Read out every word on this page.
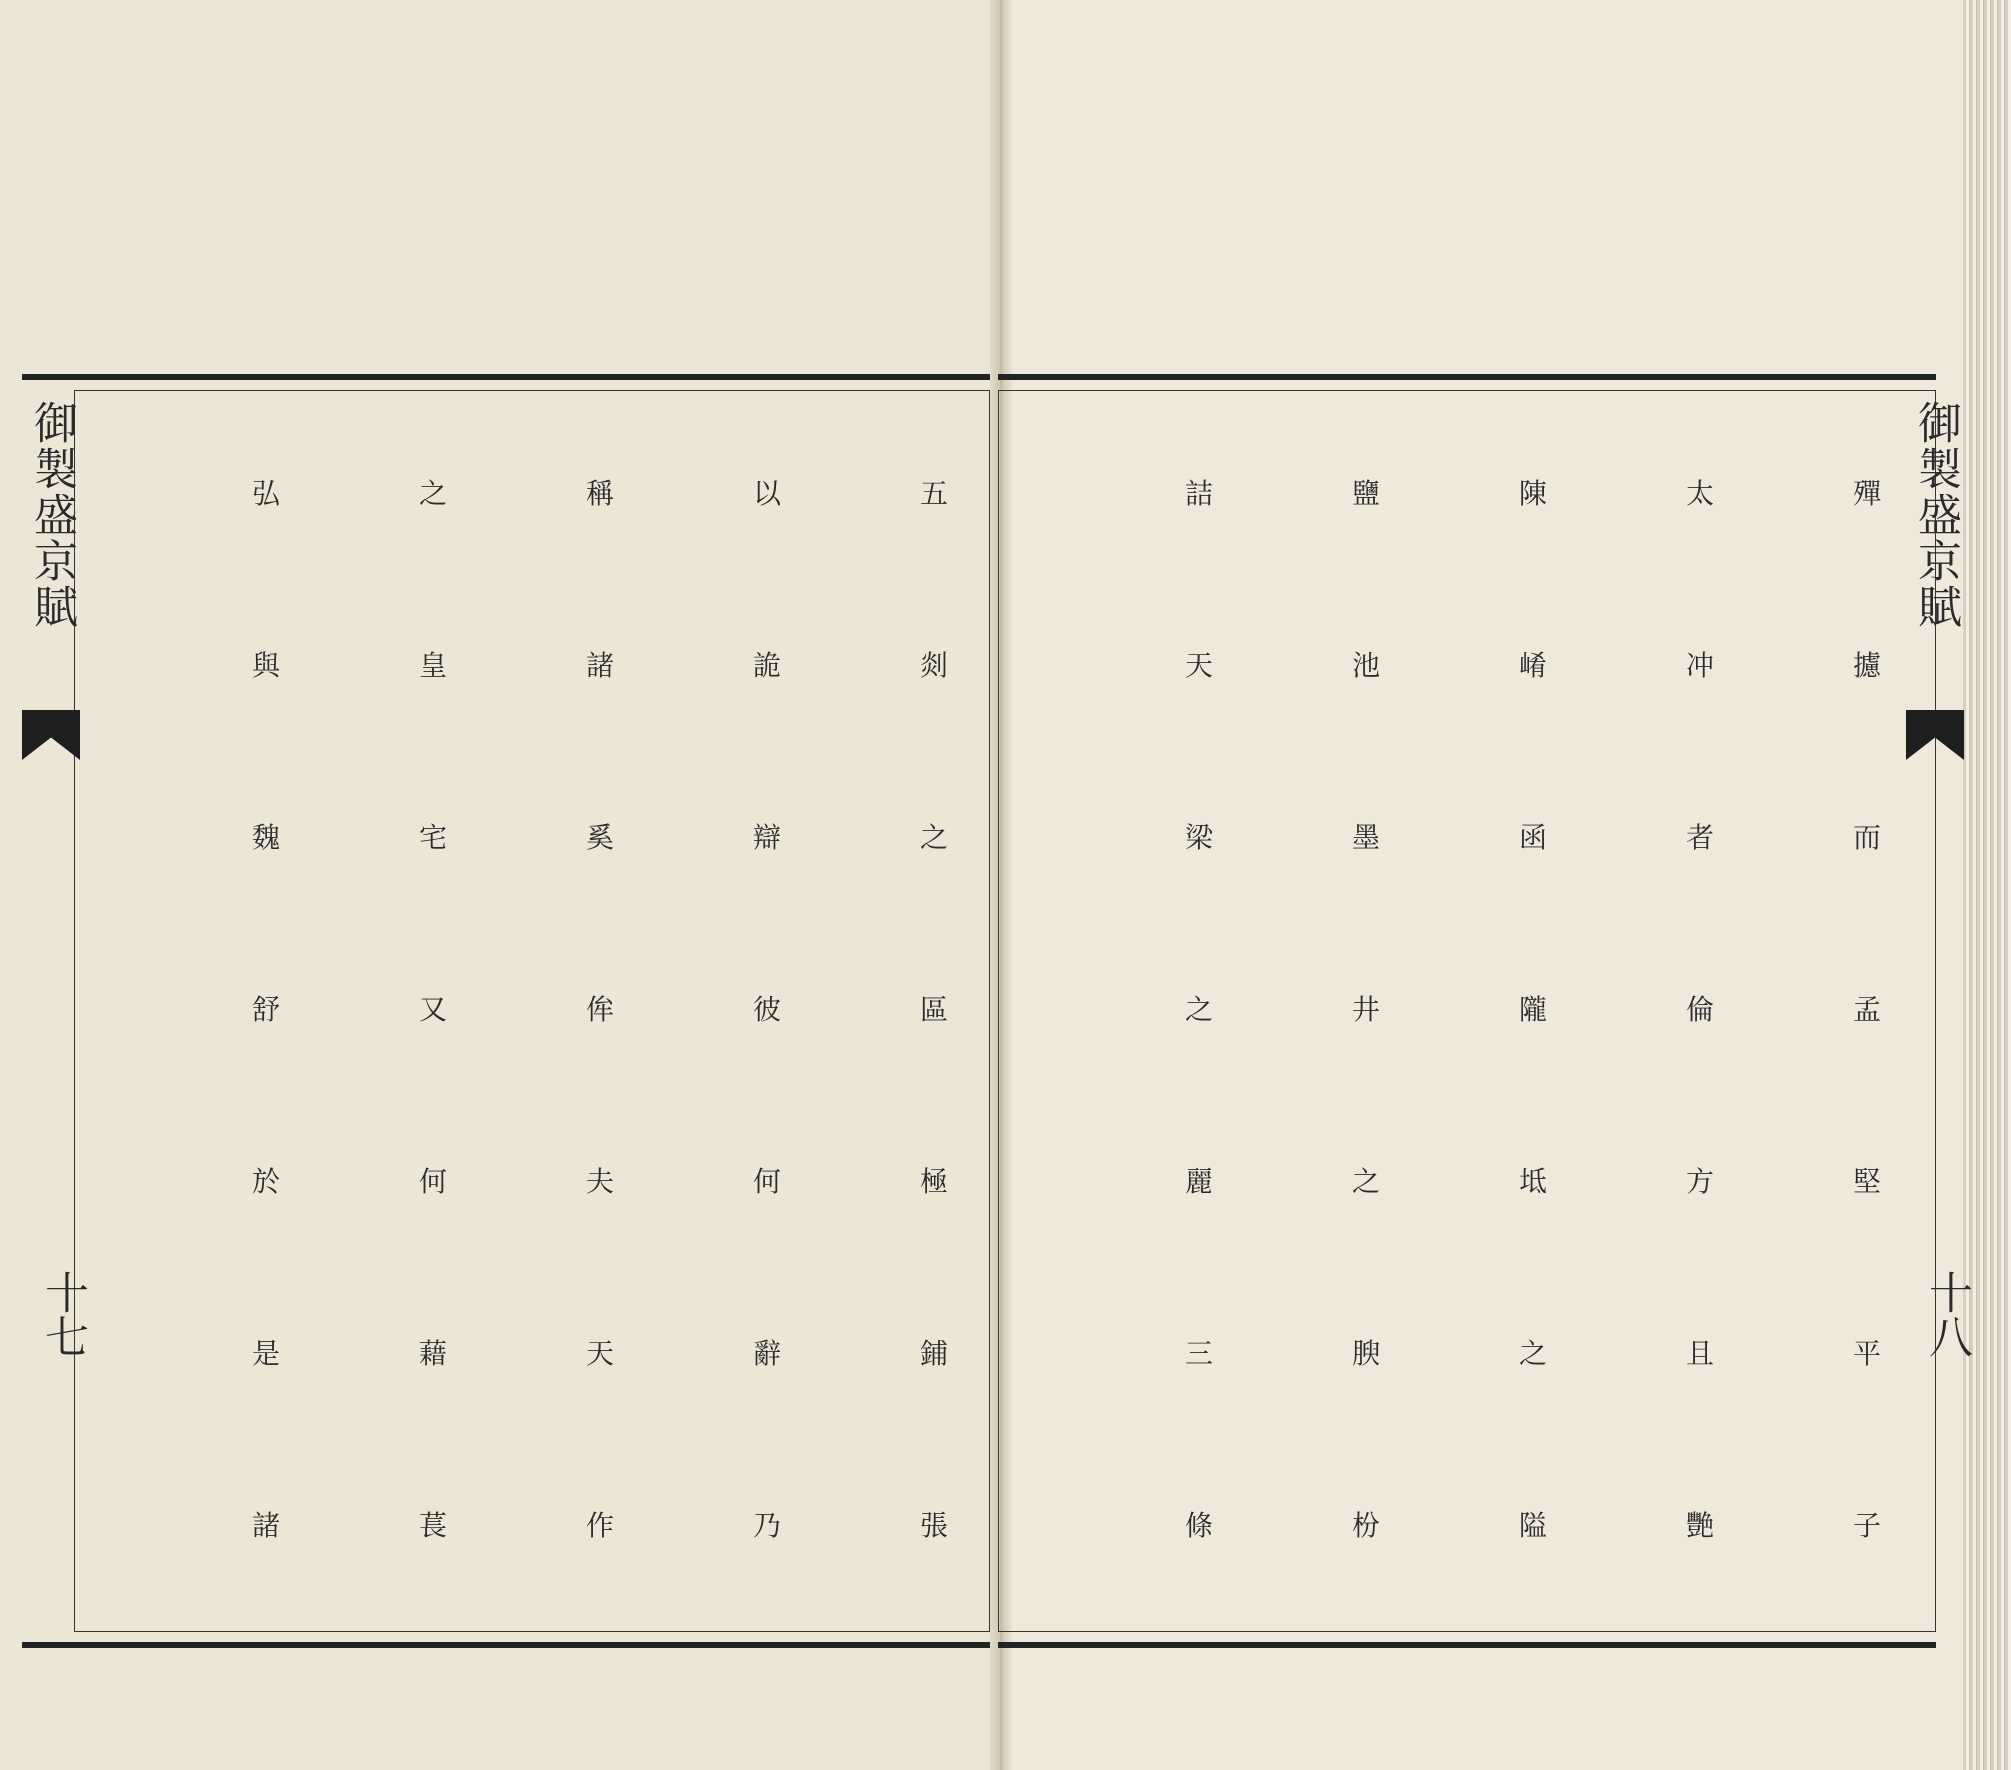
御製盛京賦
十七
御製盛京賦
十八
五
剡
之
區
極
鋪
張
以
詭
辯
彼
何
辭
乃
稱
諸
奚
侔
夫
天
作
之
皇
宅
又
何
藉
萇
弘
與
魏
舒
於
是
諸
殫
攄
而
孟
堅
平
子
太
冲
者
倫
方
且
艷
陳
崤
函
隴
坻
之
隘
鹽
池
墨
井
之
腴
枌
詰
天
梁
之
麗
三
條
